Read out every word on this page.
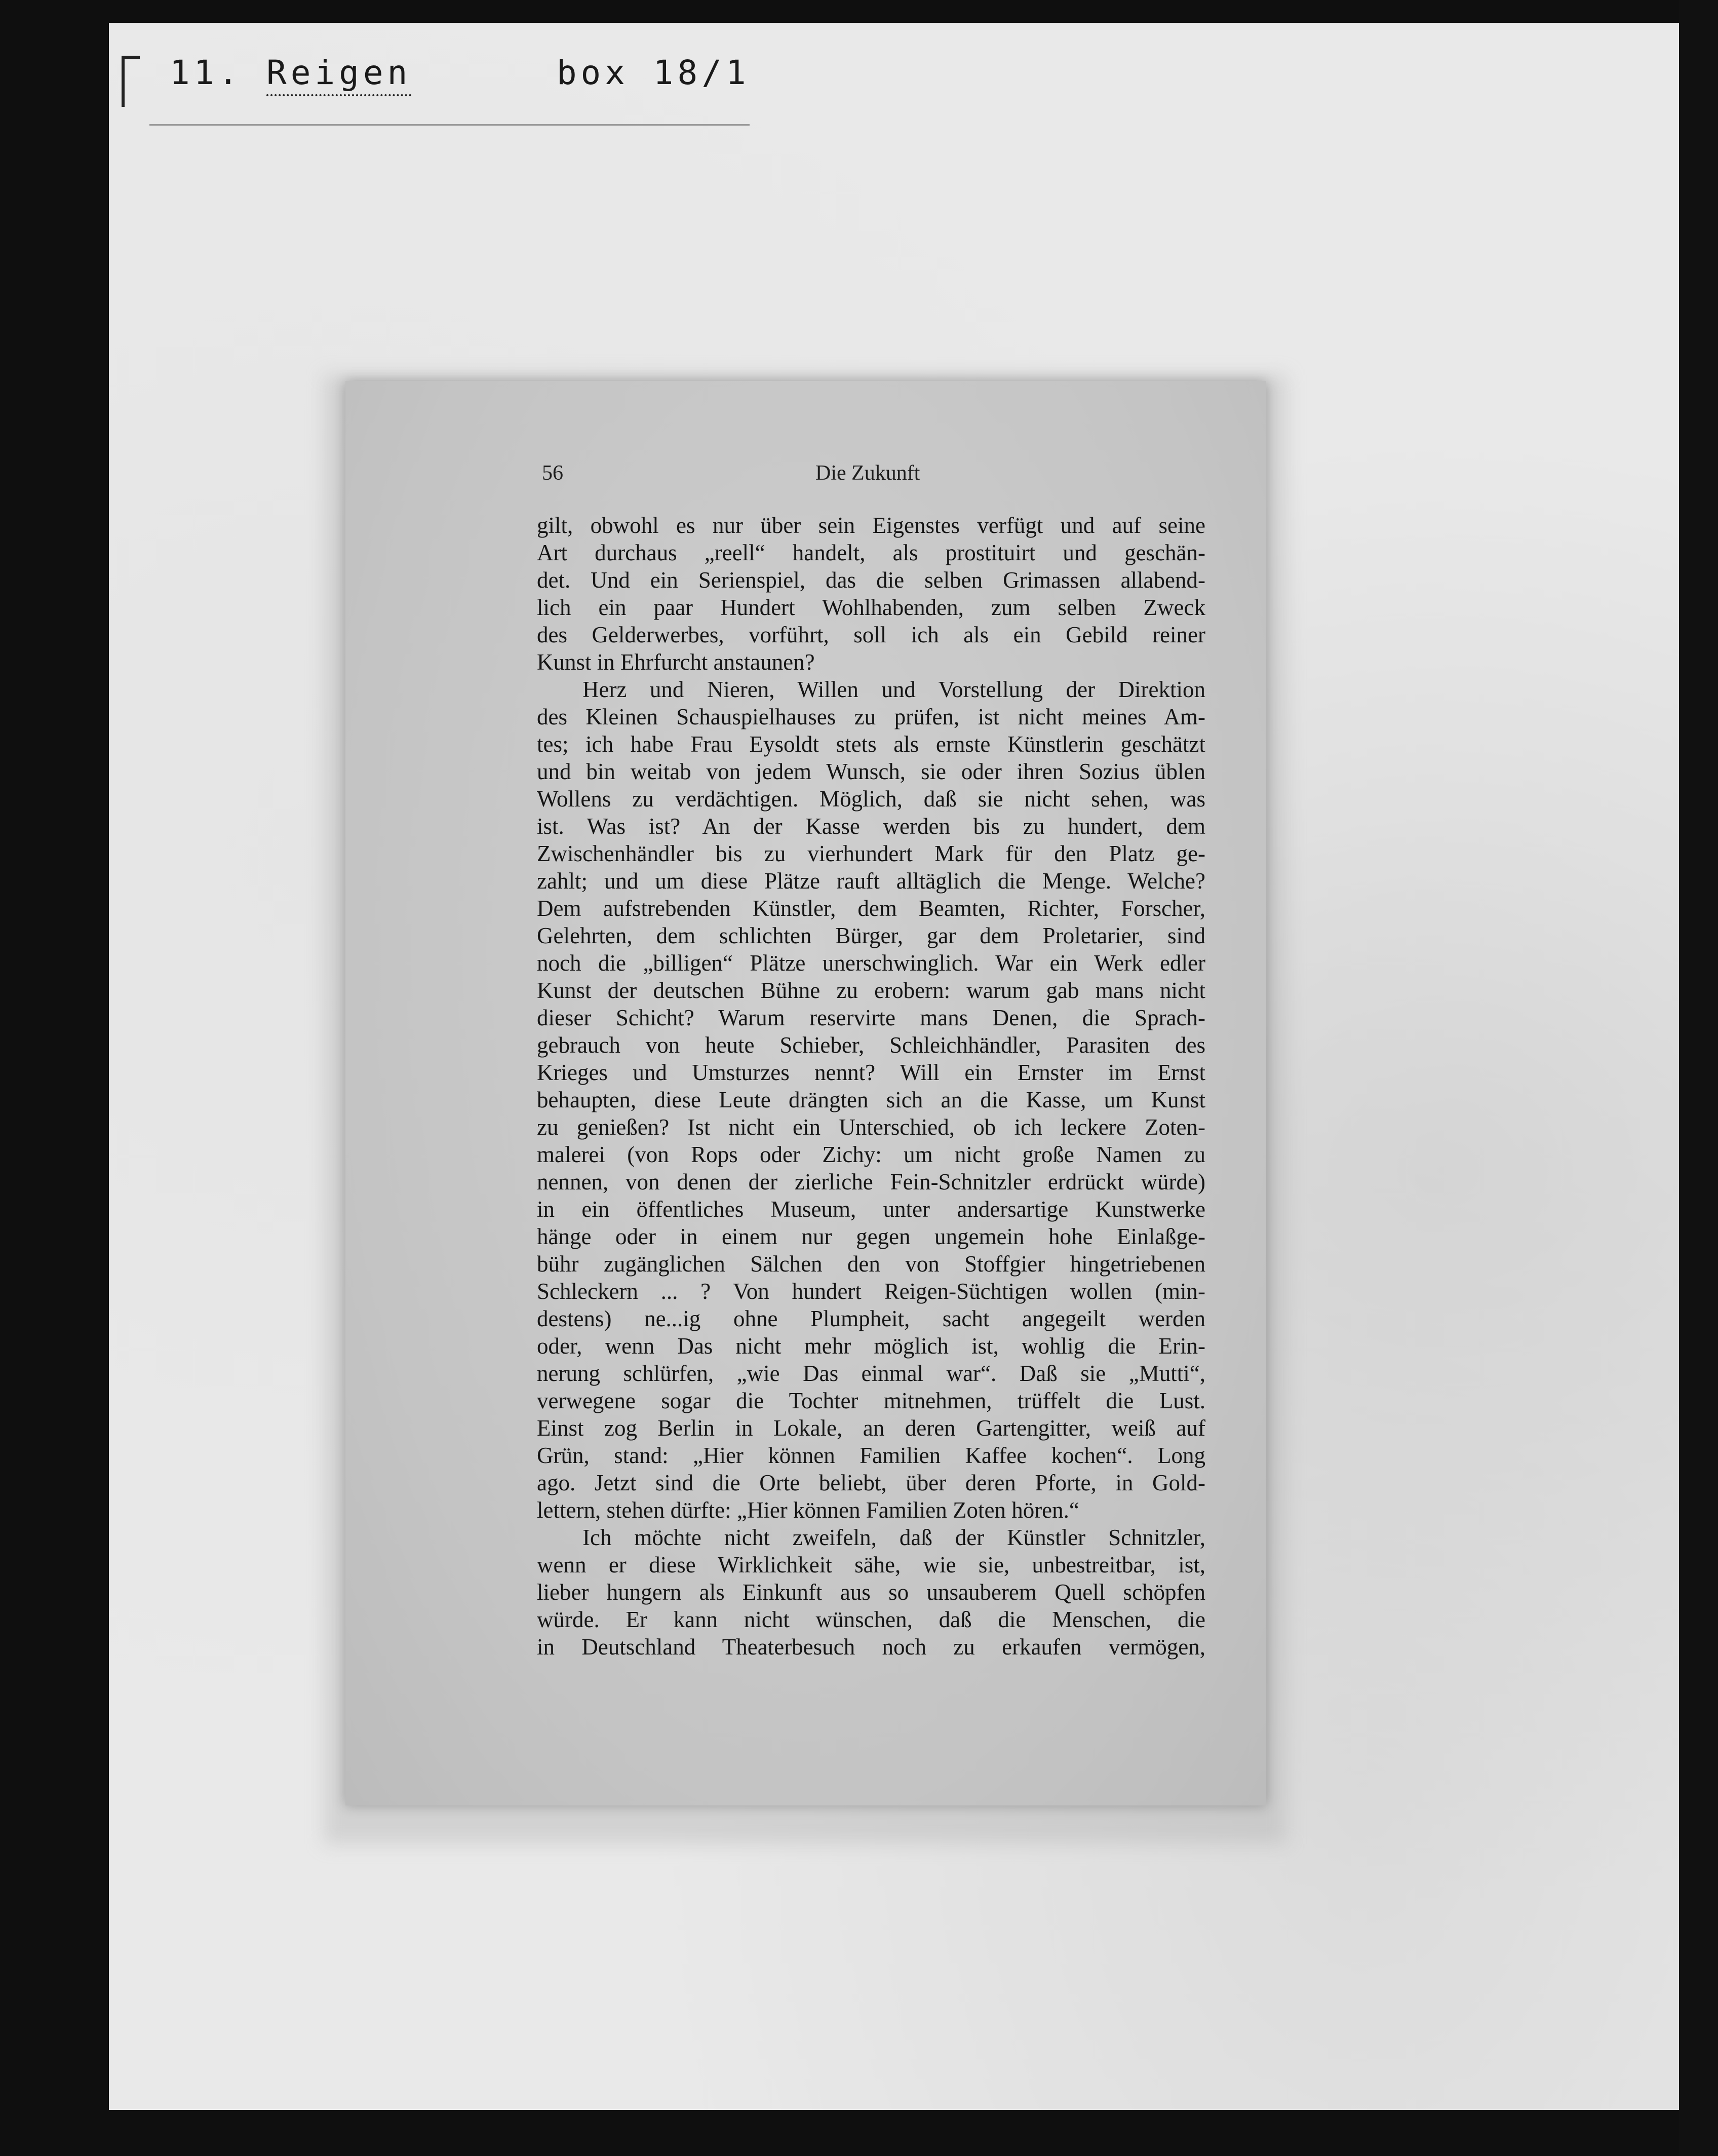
11. Reigen	box 18/1
56	Die Zukunft
gilt, obwohl es nur über sein Eigenstes verfügt und auf seine
Art durchaus „reell“ handelt, als prostituirt und geschän-
det. Und ein Serienspiel, das die selben Grimassen allabend-
lich ein paar Hundert Wohlhabenden, zum selben Zweck
des Gelderwerbes, vorführt, soll ich als ein Gebild reiner
Kunst in Ehrfurcht anstaunen?
Herz und Nieren, Willen und Vorstellung der Direktion
des Kleinen Schauspielhauses zu prüfen, ist nicht meines Am-
tes; ich habe Frau Eysoldt stets als ernste Künstlerin geschätzt
und bin weitab von jedem Wunsch, sie oder ihren Sozius üblen
Wollens zu verdächtigen. Möglich, daß sie nicht sehen, was
ist. Was ist? An der Kasse werden bis zu hundert, dem
Zwischenhändler bis zu vierhundert Mark für den Platz ge-
zahlt; und um diese Plätze rauft alltäglich die Menge. Welche?
Dem aufstrebenden Künstler, dem Beamten, Richter, Forscher,
Gelehrten, dem schlichten Bürger, gar dem Proletarier, sind
noch die „billigen“ Plätze unerschwinglich. War ein Werk edler
Kunst der deutschen Bühne zu erobern: warum gab mans nicht
dieser Schicht? Warum reservirte mans Denen, die Sprach-
gebrauch von heute Schieber, Schleichhändler, Parasiten des
Krieges und Umsturzes nennt? Will ein Ernster im Ernst
behaupten, diese Leute drängten sich an die Kasse, um Kunst
zu genießen? Ist nicht ein Unterschied, ob ich leckere Zoten-
malerei (von Rops oder Zichy: um nicht große Namen zu
nennen, von denen der zierliche Fein-Schnitzler erdrückt würde)
in ein öffentliches Museum, unter andersartige Kunstwerke
hänge oder in einem nur gegen ungemein hohe Einlaßge-
bühr zugänglichen Sälchen den von Stoffgier hingetriebenen
Schleckern ... ? Von hundert Reigen-Süchtigen wollen (min-
destens) ne...ig ohne Plumpheit, sacht angegeilt werden
oder, wenn Das nicht mehr möglich ist, wohlig die Erin-
nerung schlürfen, „wie Das einmal war“. Daß sie „Mutti“,
verwegene sogar die Tochter mitnehmen, trüffelt die Lust.
Einst zog Berlin in Lokale, an deren Gartengitter, weiß auf
Grün, stand: „Hier können Familien Kaffee kochen“. Long
ago. Jetzt sind die Orte beliebt, über deren Pforte, in Gold-
lettern, stehen dürfte: „Hier können Familien Zoten hören.“
Ich möchte nicht zweifeln, daß der Künstler Schnitzler,
wenn er diese Wirklichkeit sähe, wie sie, unbestreitbar, ist,
lieber hungern als Einkunft aus so unsauberem Quell schöpfen
würde. Er kann nicht wünschen, daß die Menschen, die
in Deutschland Theaterbesuch noch zu erkaufen vermögen,
